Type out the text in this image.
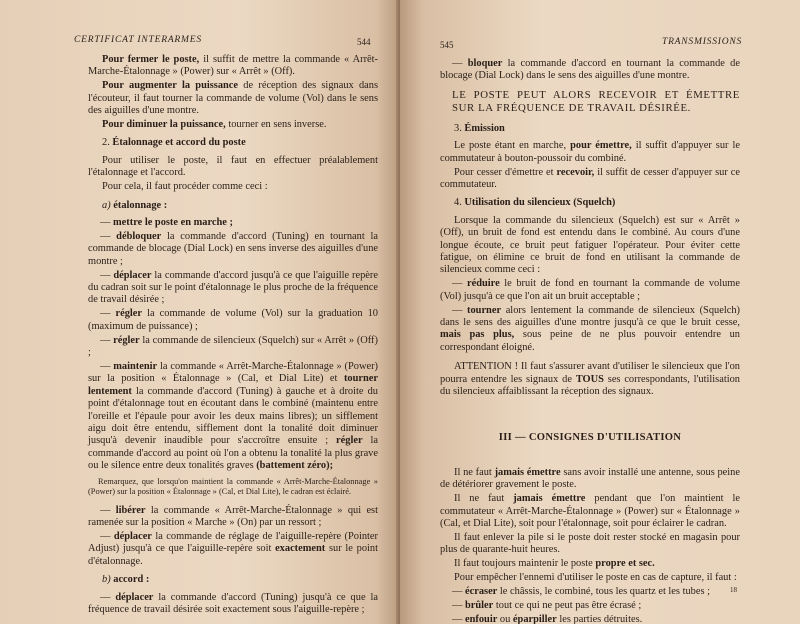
CERTIFICAT INTERARMES	544

Pour fermer le poste, il suffit de mettre la commande « Arrêt-Marche-Étalonnage » (Power) sur « Arrêt » (Off).

Pour augmenter la puissance de réception des signaux dans l'écouteur, il faut tourner la commande de volume (Vol) dans le sens des aiguilles d'une montre.

Pour diminuer la puissance, tourner en sens inverse.

2. Étalonnage et accord du poste

Pour utiliser le poste, il faut en effectuer préalablement l'étalonnage et l'accord.

Pour cela, il faut procéder comme ceci :

a) étalonnage :

— mettre le poste en marche ;

— débloquer la commande d'accord (Tuning) en tournant la commande de blocage (Dial Lock) en sens inverse des aiguilles d'une montre ;

— déplacer la commande d'accord jusqu'à ce que l'aiguille repère du cadran soit sur le point d'étalonnage le plus proche de la fréquence de travail désirée ;

— régler la commande de volume (Vol) sur la graduation 10 (maximum de puissance) ;

— régler la commande de silencieux (Squelch) sur « Arrêt » (Off) ;

— maintenir la commande « Arrêt-Marche-Étalonnage » (Power) sur la position « Étalonnage » (Cal, et Dial Lite) et tourner lentement la commande d'accord (Tuning) à gauche et à droite du point d'étalonnage tout en écoutant dans le combiné (maintenu entre l'oreille et l'épaule pour avoir les deux mains libres); un sifflement aigu doit être entendu, sifflement dont la tonalité doit diminuer jusqu'à devenir inaudible pour s'accroître ensuite ; régler la commande d'accord au point où l'on a obtenu la tonalité la plus grave ou le silence entre deux tonalités graves (battement zéro);

Remarquez, que lorsqu'on maintient la commande « Arrêt-Marche-Étalonnage » (Power) sur la position « Étalonnage » (Cal, et Dial Lite), le cadran est éclairé.

— libérer la commande « Arrêt-Marche-Étalonnage » qui est ramenée sur la position « Marche » (On) par un ressort ;

— déplacer la commande de réglage de l'aiguille-repère (Pointer Adjust) jusqu'à ce que l'aiguille-repère soit exactement sur le point d'étalonnage.

b) accord :

— déplacer la commande d'accord (Tuning) jusqu'à ce que la fréquence de travail désirée soit exactement sous l'aiguille-repère ;

545	TRANSMISSIONS

— bloquer la commande d'accord en tournant la commande de blocage (Dial Lock) dans le sens des aiguilles d'une montre.

LE POSTE PEUT ALORS RECEVOIR ET ÉMETTRE SUR LA FRÉQUENCE DE TRAVAIL DÉSIRÉE.

3. Émission

Le poste étant en marche, pour émettre, il suffit d'appuyer sur le commutateur à bouton-poussoir du combiné.

Pour cesser d'émettre et recevoir, il suffit de cesser d'appuyer sur ce commutateur.

4. Utilisation du silencieux (Squelch)

Lorsque la commande du silencieux (Squelch) est sur « Arrêt » (Off), un bruit de fond est entendu dans le combiné. Au cours d'une longue écoute, ce bruit peut fatiguer l'opérateur. Pour éviter cette fatigue, on élimine ce bruit de fond en utilisant la commande de silencieux comme ceci :

— réduire le bruit de fond en tournant la commande de volume (Vol) jusqu'à ce que l'on ait un bruit acceptable ;

— tourner alors lentement la commande de silencieux (Squelch) dans le sens des aiguilles d'une montre jusqu'à ce que le bruit cesse, mais pas plus, sous peine de ne plus pouvoir entendre un correspondant éloigné.

ATTENTION ! Il faut s'assurer avant d'utiliser le silencieux que l'on pourra entendre les signaux de TOUS ses correspondants, l'utilisation du silencieux affaiblissant la réception des signaux.

III — CONSIGNES D'UTILISATION

Il ne faut jamais émettre sans avoir installé une antenne, sous peine de détériorer gravement le poste.

Il ne faut jamais émettre pendant que l'on maintient le commutateur « Arrêt-Marche-Étalonnage » (Power) sur « Étalonnage » (Cal, et Dial Lite), soit pour l'étalonnage, soit pour éclairer le cadran.

Il faut enlever la pile si le poste doit rester stocké en magasin pour plus de quarante-huit heures.

Il faut toujours maintenir le poste propre et sec.

Pour empêcher l'ennemi d'utiliser le poste en cas de capture, il faut :

— écraser le châssis, le combiné, tous les quartz et les tubes ;

— brûler tout ce qui ne peut pas être écrasé ;

— enfouir ou éparpiller les parties détruites.

18
